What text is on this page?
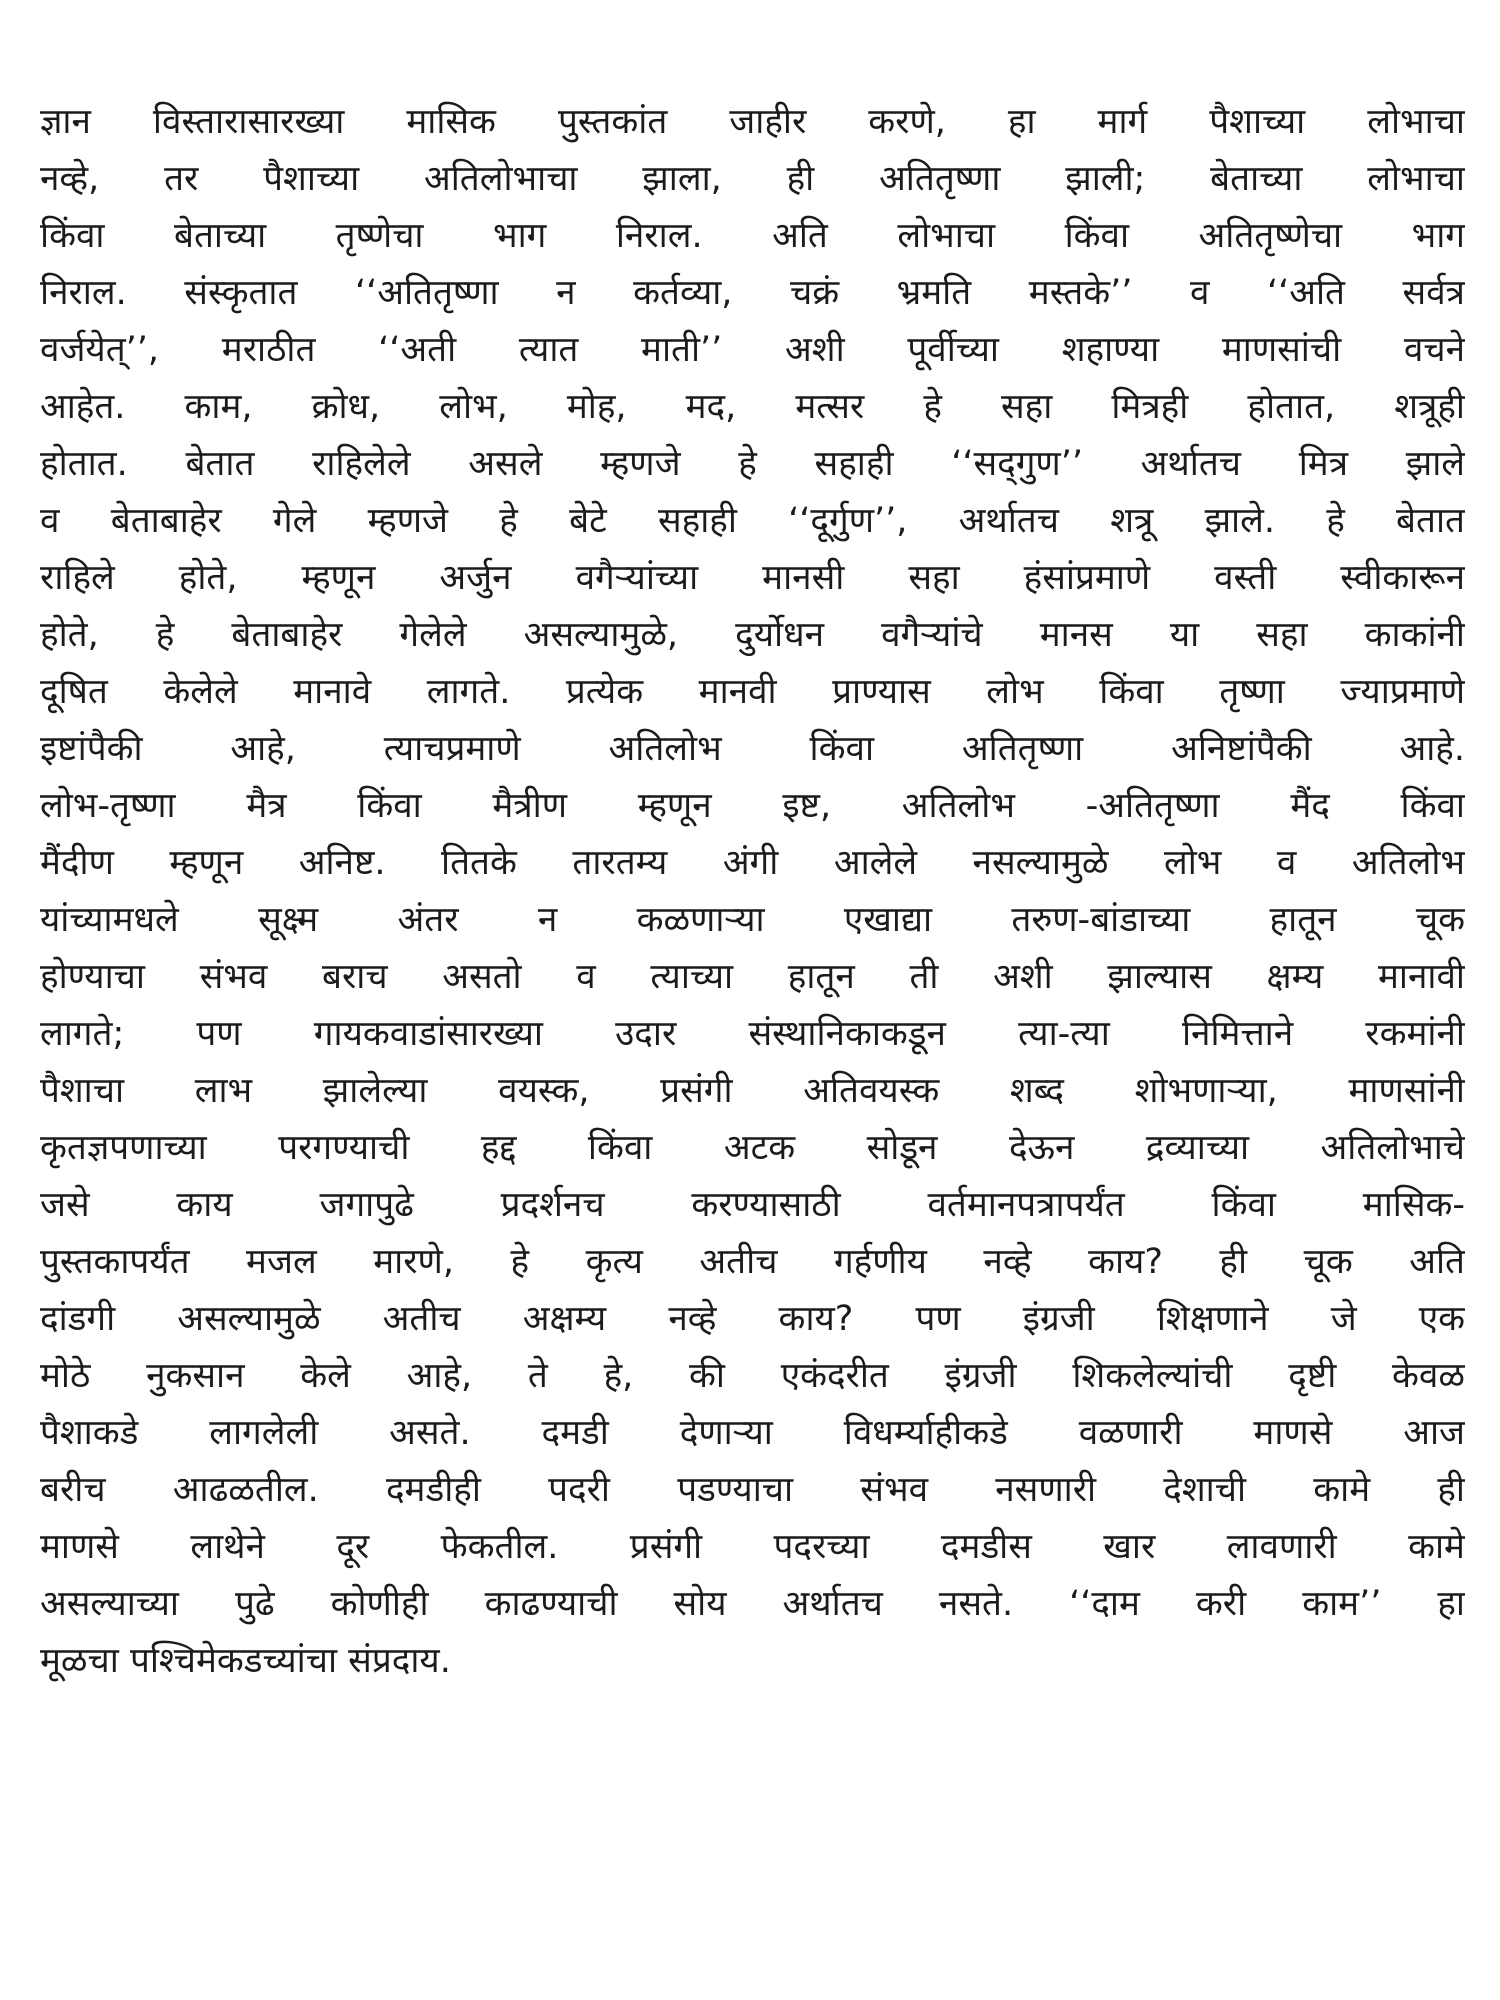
ज्ञान विस्तारासारख्या मासिक पुस्तकांत जाहीर करणे, हा मार्ग पैशाच्या लोभाचा
नव्हे, तर पैशाच्या अतिलोभाचा झाला, ही अतितृष्णा झाली; बेताच्या लोभाचा
किंवा बेताच्या तृष्णेचा भाग निराल. अति लोभाचा किंवा अतितृष्णेचा भाग
निराल. संस्कृतात ‘‘अतितृष्णा न कर्तव्या, चक्रं भ्रमति मस्तके’’ व ‘‘अति सर्वत्र
वर्जयेत्’’, मराठीत ‘‘अती त्यात माती’’ अशी पूर्वीच्या शहाण्या माणसांची वचने
आहेत. काम, क्रोध, लोभ, मोह, मद, मत्सर हे सहा मित्रही होतात, शत्रूही
होतात. बेतात राहिलेले असले म्हणजे हे सहाही ‘‘सद्‌गुण’’ अर्थातच मित्र झाले
व बेताबाहेर गेले म्हणजे हे बेटे सहाही ‘‘दूर्गुण’’, अर्थातच शत्रू झाले. हे बेतात
राहिले होते, म्हणून अर्जुन वगैऱ्यांच्या मानसी सहा हंसांप्रमाणे वस्ती स्वीकारून
होते, हे बेताबाहेर गेलेले असल्यामुळे, दुर्योधन वगैऱ्यांचे मानस या सहा काकांनी
दूषित केलेले मानावे लागते. प्रत्येक मानवी प्राण्यास लोभ किंवा तृष्णा ज्याप्रमाणे
इष्टांपैकी आहे, त्याचप्रमाणे अतिलोभ किंवा अतितृष्णा अनिष्टांपैकी आहे.
लोभ-तृष्णा मैत्र किंवा मैत्रीण म्हणून इष्ट, अतिलोभ -अतितृष्णा मैंद किंवा
मैंदीण म्हणून अनिष्ट. तितके तारतम्य अंगी आलेले नसल्यामुळे लोभ व अतिलोभ
यांच्यामधले सूक्ष्म अंतर न कळणाऱ्या एखाद्या तरुण-बांडाच्या हातून चूक
होण्याचा संभव बराच असतो व त्याच्या हातून ती अशी झाल्यास क्षम्य मानावी
लागते; पण गायकवाडांसारख्या उदार संस्थानिकाकडून त्या-त्या निमित्ताने रकमांनी
पैशाचा लाभ झालेल्या वयस्क, प्रसंगी अतिवयस्क शब्द शोभणाऱ्या, माणसांनी
कृतज्ञपणाच्या परगण्याची हद्द किंवा अटक सोडून देऊन द्रव्याच्या अतिलोभाचे
जसे काय जगापुढे प्रदर्शनच करण्यासाठी वर्तमानपत्रापर्यंत किंवा मासिक-
पुस्तकापर्यंत मजल मारणे, हे कृत्य अतीच गर्हणीय नव्हे काय? ही चूक अति
दांडगी असल्यामुळे अतीच अक्षम्य नव्हे काय? पण इंग्रजी शिक्षणाने जे एक
मोठे नुकसान केले आहे, ते हे, की एकंदरीत इंग्रजी शिकलेल्यांची दृष्टी केवळ
पैशाकडे लागलेली असते. दमडी देणाऱ्या विधर्म्याहीकडे वळणारी माणसे आज
बरीच आढळतील. दमडीही पदरी पडण्याचा संभव नसणारी देशाची कामे ही
माणसे लाथेने दूर फेकतील. प्रसंगी पदरच्या दमडीस खार लावणारी कामे
असल्याच्या पुढे कोणीही काढण्याची सोय अर्थातच नसते. ‘‘दाम करी काम’’ हा
मूळचा पश्चिमेकडच्यांचा संप्रदाय.
